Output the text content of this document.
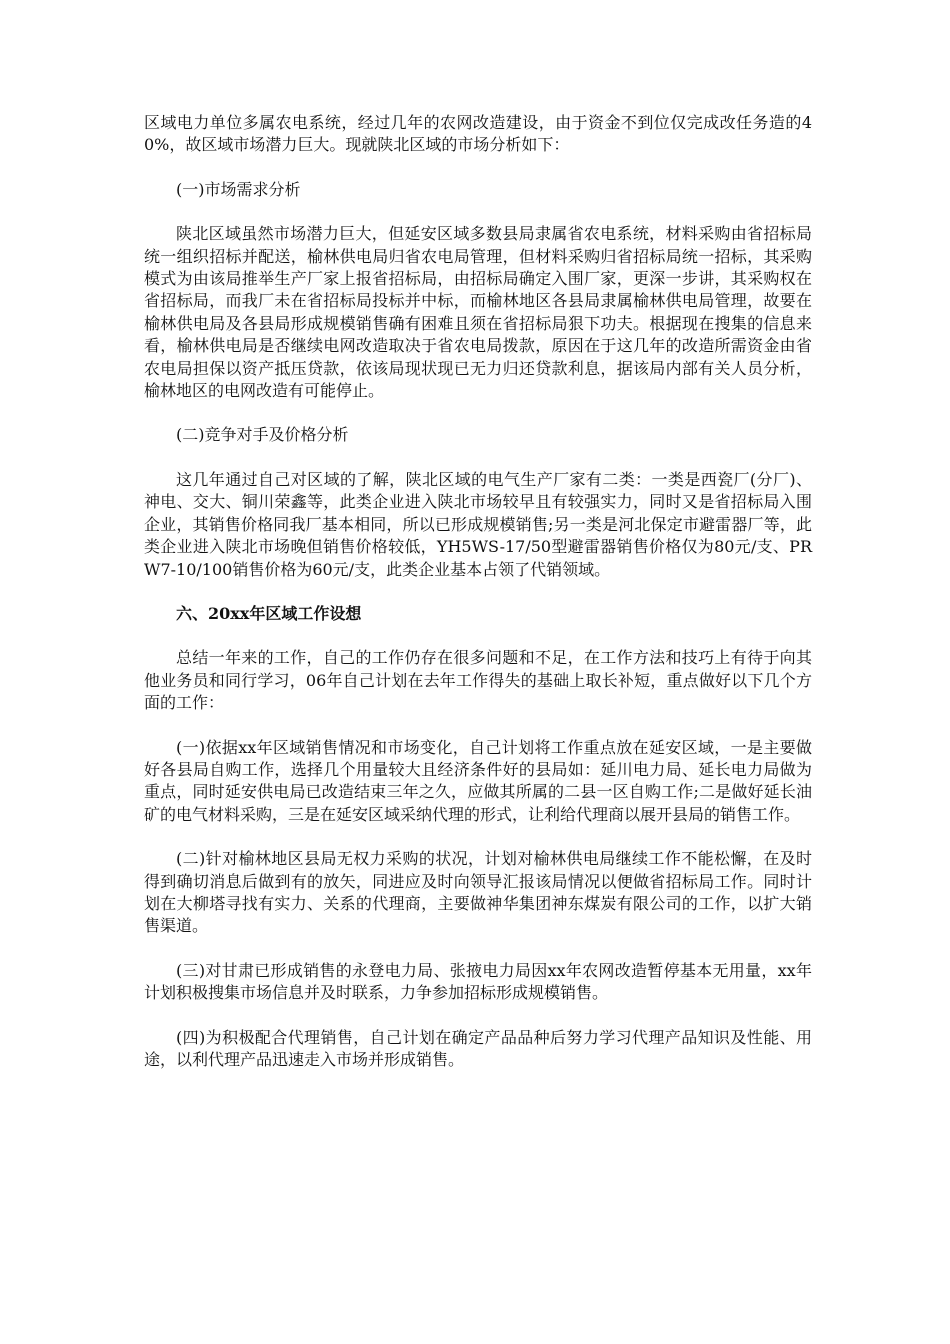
区域电力单位多属农电系统，经过几年的农网改造建设，由于资金不到位仅完成改任务造的40%，故区域市场潜力巨大。现就陕北区域的市场分析如下：

(一)市场需求分析

陕北区域虽然市场潜力巨大，但延安区域多数县局隶属省农电系统，材料采购由省招标局统一组织招标并配送，榆林供电局归省农电局管理，但材料采购归省招标局统一招标，其采购模式为由该局推举生产厂家上报省招标局，由招标局确定入围厂家，更深一步讲，其采购权在省招标局，而我厂未在省招标局投标并中标，而榆林地区各县局隶属榆林供电局管理，故要在榆林供电局及各县局形成规模销售确有困难且须在省招标局狠下功夫。根据现在搜集的信息来看，榆林供电局是否继续电网改造取决于省农电局拨款，原因在于这几年的改造所需资金由省农电局担保以资产抵压贷款，依该局现状现已无力归还贷款利息，据该局内部有关人员分析，榆林地区的电网改造有可能停止。

(二)竞争对手及价格分析

这几年通过自己对区域的了解，陕北区域的电气生产厂家有二类：一类是西瓷厂(分厂)、神电、交大、铜川荣鑫等，此类企业进入陕北市场较早且有较强实力，同时又是省招标局入围企业，其销售价格同我厂基本相同，所以已形成规模销售;另一类是河北保定市避雷器厂等，此类企业进入陕北市场晚但销售价格较低，YH5WS-17/50型避雷器销售价格仅为80元/支、PRW7-10/100销售价格为60元/支，此类企业基本占领了代销领域。

六、20xx年区域工作设想

总结一年来的工作，自己的工作仍存在很多问题和不足，在工作方法和技巧上有待于向其他业务员和同行学习，06年自己计划在去年工作得失的基础上取长补短，重点做好以下几个方面的工作：

(一)依据xx年区域销售情况和市场变化，自己计划将工作重点放在延安区域，一是主要做好各县局自购工作，选择几个用量较大且经济条件好的县局如：延川电力局、延长电力局做为重点，同时延安供电局已改造结束三年之久，应做其所属的二县一区自购工作;二是做好延长油矿的电气材料采购，三是在延安区域采纳代理的形式，让利给代理商以展开县局的销售工作。

(二)针对榆林地区县局无权力采购的状况，计划对榆林供电局继续工作不能松懈，在及时得到确切消息后做到有的放矢，同进应及时向领导汇报该局情况以便做省招标局工作。同时计划在大柳塔寻找有实力、关系的代理商，主要做神华集团神东煤炭有限公司的工作，以扩大销售渠道。

(三)对甘肃已形成销售的永登电力局、张掖电力局因xx年农网改造暂停基本无用量，xx年计划积极搜集市场信息并及时联系，力争参加招标形成规模销售。

(四)为积极配合代理销售，自己计划在确定产品品种后努力学习代理产品知识及性能、用途，以利代理产品迅速走入市场并形成销售。
